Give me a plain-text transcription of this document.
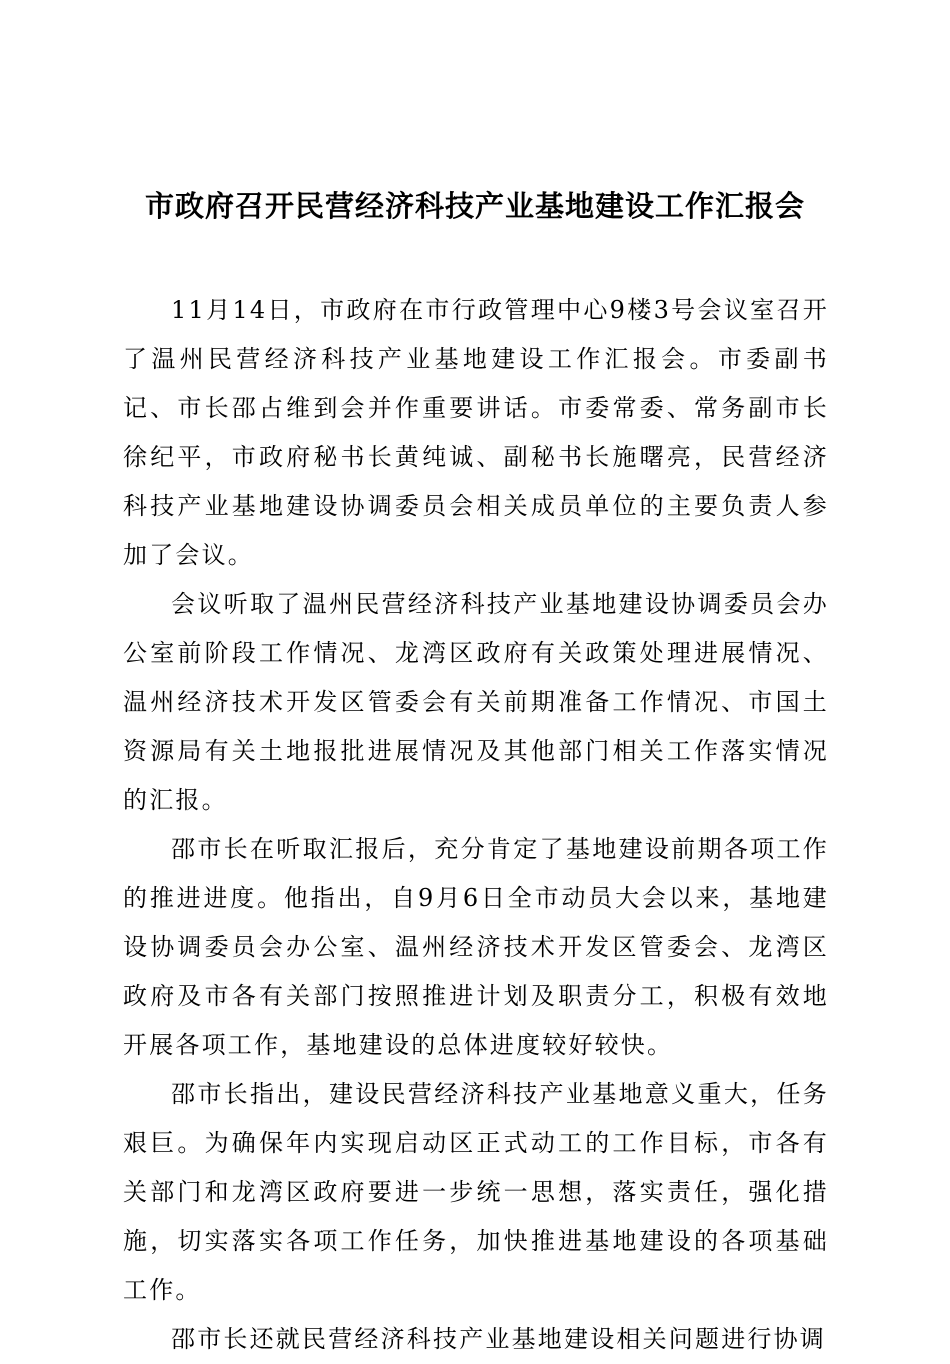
市政府召开民营经济科技产业基地建设工作汇报会

11月14日，市政府在市行政管理中心9楼3号会议室召开了温州民营经济科技产业基地建设工作汇报会。市委副书记、市长邵占维到会并作重要讲话。市委常委、常务副市长徐纪平，市政府秘书长黄纯诚、副秘书长施曙亮，民营经济科技产业基地建设协调委员会相关成员单位的主要负责人参加了会议。

会议听取了温州民营经济科技产业基地建设协调委员会办公室前阶段工作情况、龙湾区政府有关政策处理进展情况、温州经济技术开发区管委会有关前期准备工作情况、市国土资源局有关土地报批进展情况及其他部门相关工作落实情况的汇报。

邵市长在听取汇报后，充分肯定了基地建设前期各项工作的推进进度。他指出，自9月6日全市动员大会以来，基地建设协调委员会办公室、温州经济技术开发区管委会、龙湾区政府及市各有关部门按照推进计划及职责分工，积极有效地开展各项工作，基地建设的总体进度较好较快。

邵市长指出，建设民营经济科技产业基地意义重大，任务艰巨。为确保年内实现启动区正式动工的工作目标，市各有关部门和龙湾区政府要进一步统一思想，落实责任，强化措施，切实落实各项工作任务，加快推进基地建设的各项基础工作。

邵市长还就民营经济科技产业基地建设相关问题进行协调
